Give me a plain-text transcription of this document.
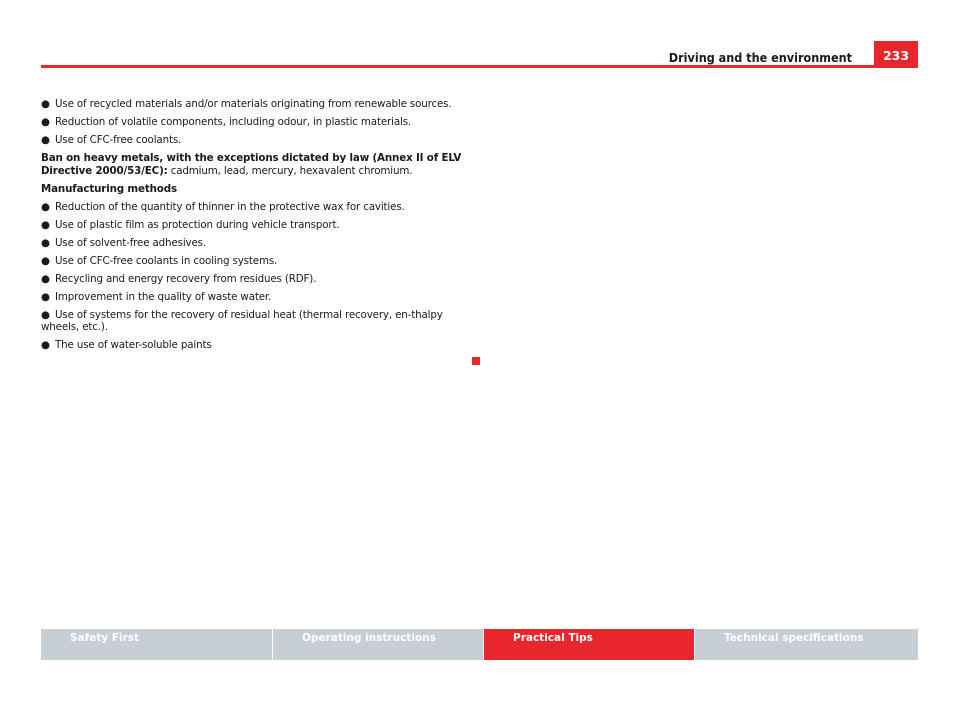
Driving and the environment	233

● Use of recycled materials and/or materials originating from renewable sources.

● Reduction of volatile components, including odour, in plastic materials.

● Use of CFC-free coolants.

Ban on heavy metals, with the exceptions dictated by law (Annex II of ELV Directive 2000/53/EC): cadmium, lead, mercury, hexavalent chromium.

Manufacturing methods

● Reduction of the quantity of thinner in the protective wax for cavities.

● Use of plastic film as protection during vehicle transport.

● Use of solvent-free adhesives.

● Use of CFC-free coolants in cooling systems.

● Recycling and energy recovery from residues (RDF).

● Improvement in the quality of waste water.

● Use of systems for the recovery of residual heat (thermal recovery, en-thalpy wheels, etc.).

● The use of water-soluble paints

Safety First	Operating instructions	Practical Tips	Technical specifications
